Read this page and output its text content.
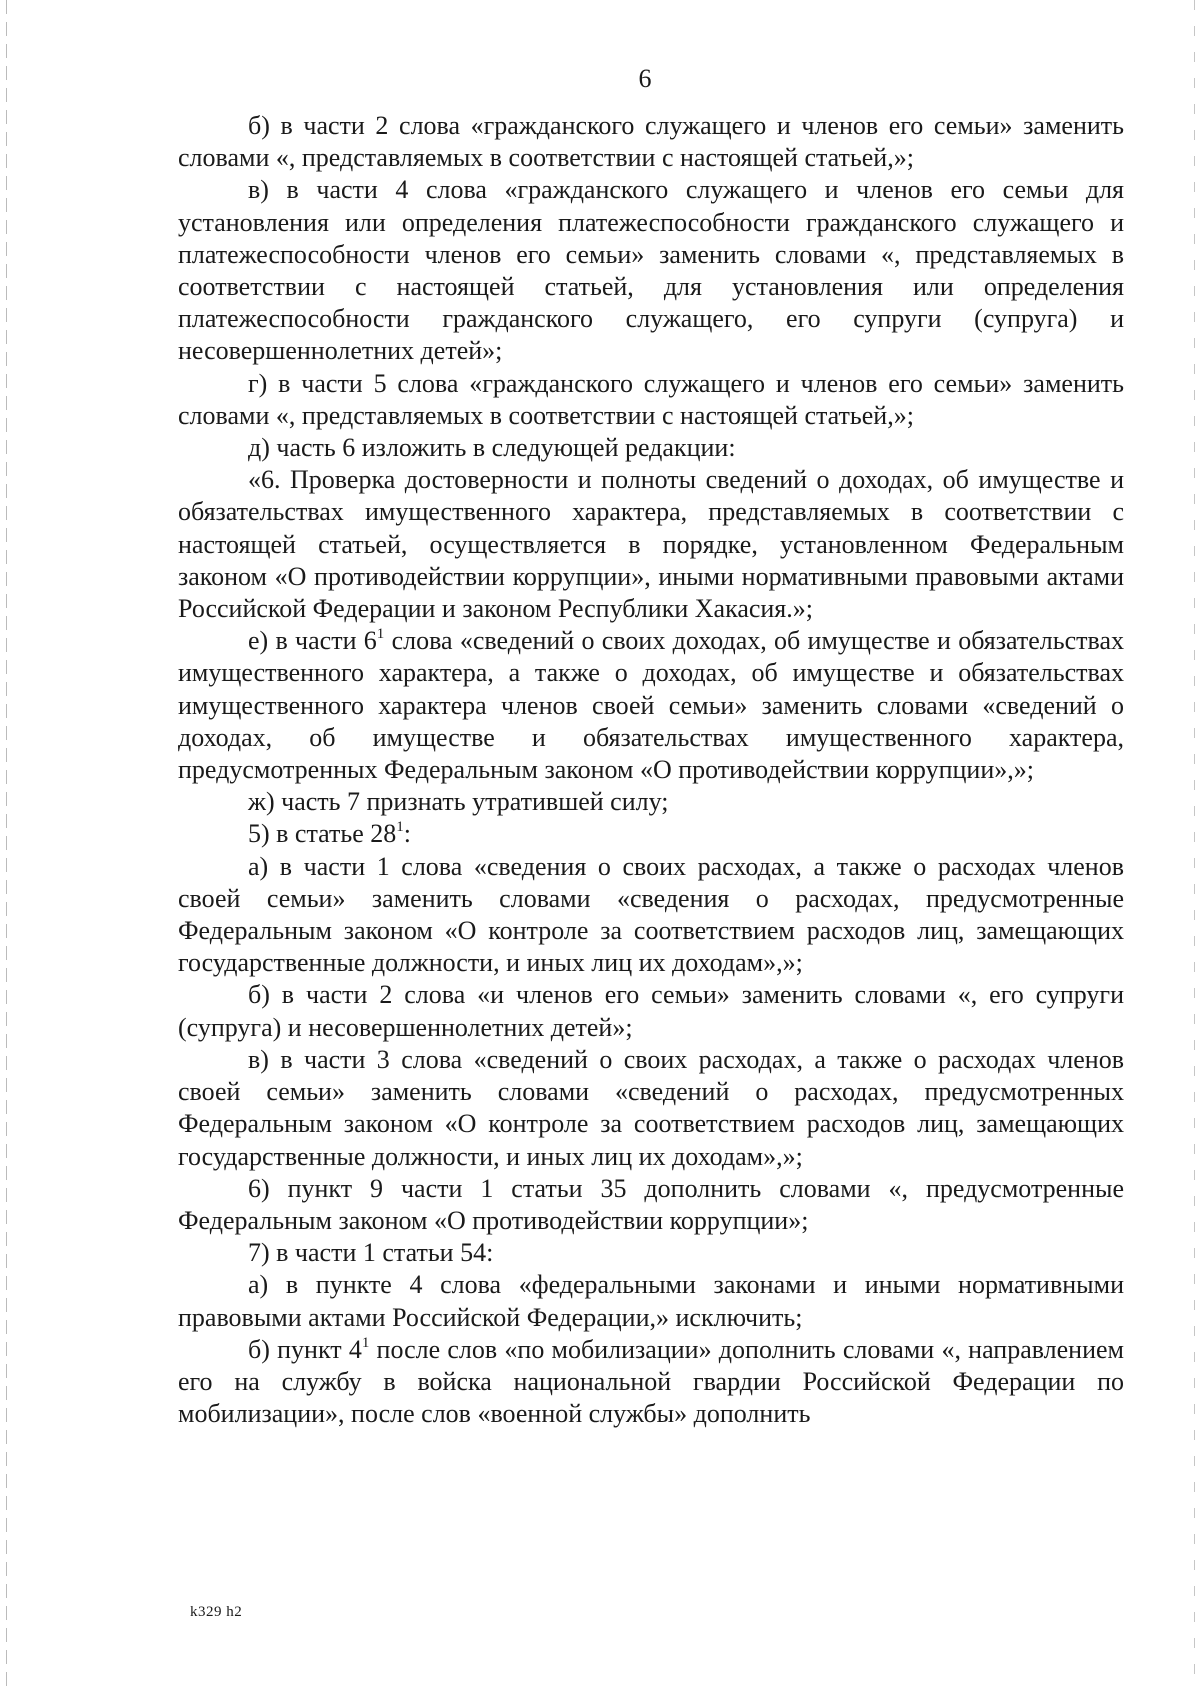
6

б) в части 2 слова «гражданского служащего и членов его семьи» заменить словами «, представляемых в соответствии с настоящей статьей,»;

в) в части 4 слова «гражданского служащего и членов его семьи для установления или определения платежеспособности гражданского служащего и платежеспособности членов его семьи» заменить словами «, представляемых в соответствии с настоящей статьей, для установления или определения платежеспособности гражданского служащего, его супруги (супруга) и несовершеннолетних детей»;

г) в части 5 слова «гражданского служащего и членов его семьи» заменить словами «, представляемых в соответствии с настоящей статьей,»;

д) часть 6 изложить в следующей редакции:

«6. Проверка достоверности и полноты сведений о доходах, об имуществе и обязательствах имущественного характера, представляемых в соответствии с настоящей статьей, осуществляется в порядке, установленном Федеральным законом «О противодействии коррупции», иными нормативными правовыми актами Российской Федерации и законом Республики Хакасия.»;

е) в части $6^1$ слова «сведений о своих доходах, об имуществе и обязательствах имущественного характера, а также о доходах, об имуществе и обязательствах имущественного характера членов своей семьи» заменить словами «сведений о доходах, об имуществе и обязательствах имущественного характера, предусмотренных Федеральным законом «О противодействии коррупции»,»;

ж) часть 7 признать утратившей силу;

5) в статье $28^1$:

а) в части 1 слова «сведения о своих расходах, а также о расходах членов своей семьи» заменить словами «сведения о расходах, предусмотренные Федеральным законом «О контроле за соответствием расходов лиц, замещающих государственные должности, и иных лиц их доходам»,»;

б) в части 2 слова «и членов его семьи» заменить словами «, его супруги (супруга) и несовершеннолетних детей»;

в) в части 3 слова «сведений о своих расходах, а также о расходах членов своей семьи» заменить словами «сведений о расходах, предусмотренных Федеральным законом «О контроле за соответствием расходов лиц, замещающих государственные должности, и иных лиц их доходам»,»;

6) пункт 9 части 1 статьи 35 дополнить словами «, предусмотренные Федеральным законом «О противодействии коррупции»;

7) в части 1 статьи 54:

а) в пункте 4 слова «федеральными законами и иными нормативными правовыми актами Российской Федерации,» исключить;

б) пункт $4^1$ после слов «по мобилизации» дополнить словами «, направлением его на службу в войска национальной гвардии Российской Федерации по мобилизации», после слов «военной службы» дополнить

k329 h2
